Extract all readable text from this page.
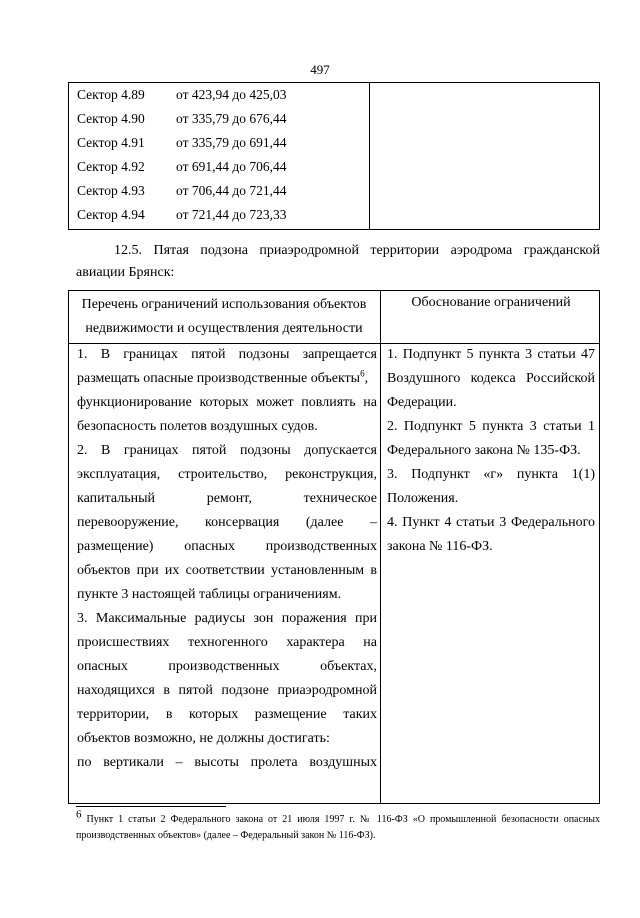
497
Сектор 4.89 от 423,94 до 425,03
Сектор 4.90 от 335,79 до 676,44
Сектор 4.91 от 335,79 до 691,44
Сектор 4.92 от 691,44 до 706,44
Сектор 4.93 от 706,44 до 721,44
Сектор 4.94 от 721,44 до 723,33
12.5. Пятая подзона приаэродромной территории аэродрома гражданской
авиации Брянск:
Перечень ограничений использования объектов
недвижимости и осуществления деятельности
Обоснование ограничений
1. В границах пятой подзоны запрещается
размещать опасные производственные объекты$^6$,
функционирование которых может повлиять на
безопасность полетов воздушных судов.
2. В границах пятой подзоны допускается
эксплуатация, строительство, реконструкция,
капитальный ремонт, техническое
перевооружение, консервация (далее –
размещение) опасных производственных
объектов при их соответствии установленным в
пункте 3 настоящей таблицы ограничениям.
3. Максимальные радиусы зон поражения при
происшествиях техногенного характера на
опасных производственных объектах,
находящихся в пятой подзоне приаэродромной
территории, в которых размещение таких
объектов возможно, не должны достигать:
по вертикали – высоты пролета воздушных
1. Подпункт 5 пункта 3 статьи 47
Воздушного кодекса Российской
Федерации.
2. Подпункт 5 пункта 3 статьи 1
Федерального закона № 135-ФЗ.
3. Подпункт «г» пункта 1(1)
Положения.
4. Пункт 4 статьи 3 Федерального
закона № 116-ФЗ.
$^6$ Пункт 1 статьи 2 Федерального закона от 21 июля 1997 г. № 116-ФЗ «О промышленной безопасности опасных
производственных объектов» (далее – Федеральный закон № 116-ФЗ).
